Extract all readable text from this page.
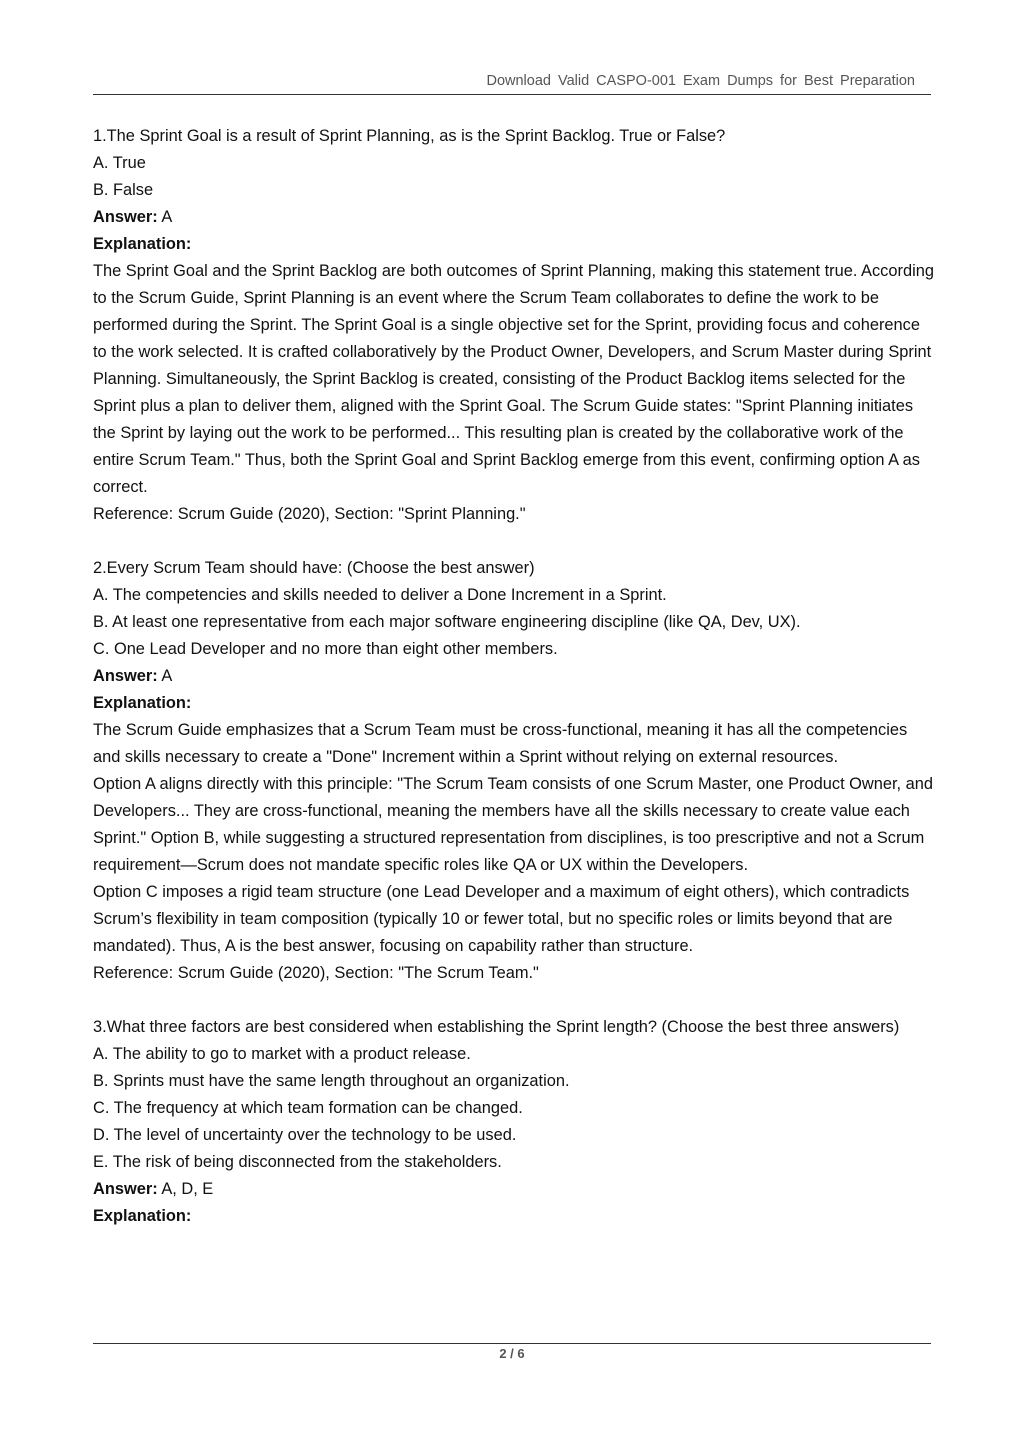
Download Valid CASPO-001 Exam Dumps for Best Preparation

1.The Sprint Goal is a result of Sprint Planning, as is the Sprint Backlog. True or False?

A. True

B. False

Answer: A

Explanation:

The Sprint Goal and the Sprint Backlog are both outcomes of Sprint Planning, making this statement true. According to the Scrum Guide, Sprint Planning is an event where the Scrum Team collaborates to define the work to be performed during the Sprint. The Sprint Goal is a single objective set for the Sprint, providing focus and coherence to the work selected. It is crafted collaboratively by the Product Owner, Developers, and Scrum Master during Sprint Planning. Simultaneously, the Sprint Backlog is created, consisting of the Product Backlog items selected for the Sprint plus a plan to deliver them, aligned with the Sprint Goal. The Scrum Guide states: "Sprint Planning initiates the Sprint by laying out the work to be performed... This resulting plan is created by the collaborative work of the entire Scrum Team." Thus, both the Sprint Goal and Sprint Backlog emerge from this event, confirming option A as correct.

Reference: Scrum Guide (2020), Section: "Sprint Planning."

2.Every Scrum Team should have: (Choose the best answer)

A. The competencies and skills needed to deliver a Done Increment in a Sprint.

B. At least one representative from each major software engineering discipline (like QA, Dev, UX).

C. One Lead Developer and no more than eight other members.

Answer: A

Explanation:

The Scrum Guide emphasizes that a Scrum Team must be cross-functional, meaning it has all the competencies and skills necessary to create a "Done" Increment within a Sprint without relying on external resources.

Option A aligns directly with this principle: "The Scrum Team consists of one Scrum Master, one Product Owner, and Developers... They are cross-functional, meaning the members have all the skills necessary to create value each Sprint." Option B, while suggesting a structured representation from disciplines, is too prescriptive and not a Scrum requirement—Scrum does not mandate specific roles like QA or UX within the Developers.

Option C imposes a rigid team structure (one Lead Developer and a maximum of eight others), which contradicts Scrum’s flexibility in team composition (typically 10 or fewer total, but no specific roles or limits beyond that are mandated). Thus, A is the best answer, focusing on capability rather than structure.

Reference: Scrum Guide (2020), Section: "The Scrum Team."

3.What three factors are best considered when establishing the Sprint length? (Choose the best three answers)

A. The ability to go to market with a product release.

B. Sprints must have the same length throughout an organization.

C. The frequency at which team formation can be changed.

D. The level of uncertainty over the technology to be used.

E. The risk of being disconnected from the stakeholders.

Answer: A, D, E

Explanation:

2 / 6
